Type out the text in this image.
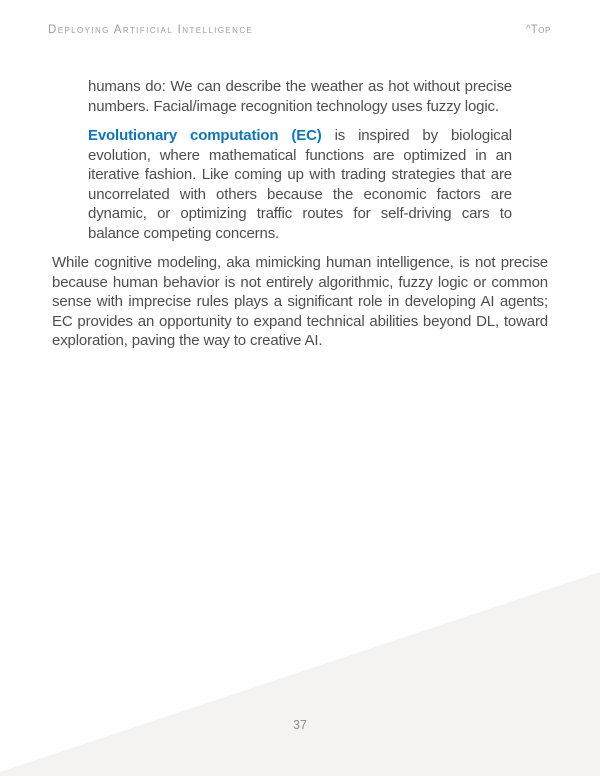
Deploying Artificial Intelligence	^Top

humans do: We can describe the weather as hot without precise numbers. Facial/image recognition technology uses fuzzy logic.

Evolutionary computation (EC) is inspired by biological evolution, where mathematical functions are optimized in an iterative fashion. Like coming up with trading strategies that are uncorrelated with others because the economic factors are dynamic, or optimizing traffic routes for self-driving cars to balance competing concerns.

While cognitive modeling, aka mimicking human intelligence, is not precise because human behavior is not entirely algorithmic, fuzzy logic or common sense with imprecise rules plays a significant role in developing AI agents; EC provides an opportunity to expand technical abilities beyond DL, toward exploration, paving the way to creative AI.

37
